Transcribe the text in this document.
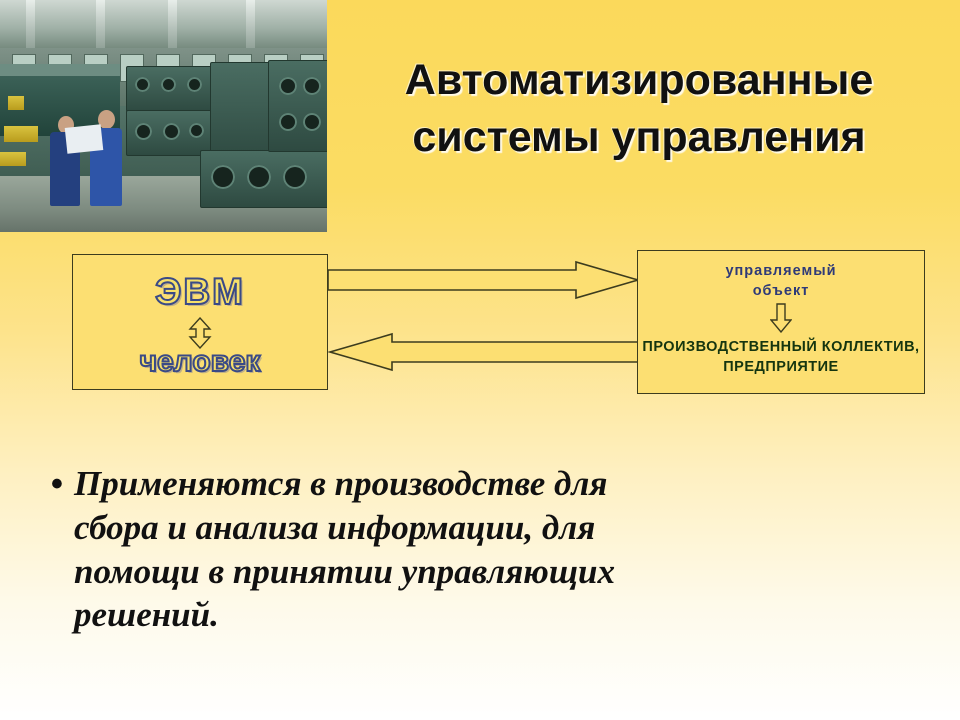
Автоматизированные
системы управления
ЭВМ
человек
управляемый
объект
ПРОИЗВОДСТВЕННЫЙ КОЛЛЕКТИВ,
ПРЕДПРИЯТИЕ
• Применяются в производстве для сбора и анализа информации, для помощи в принятии управляющих решений.
